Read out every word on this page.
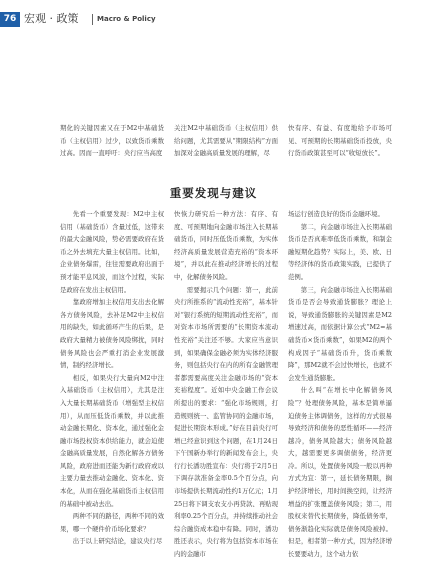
76 宏观 · 政策	Macro & Policy

期化的关键因素又在于M2中基础货币（主权信用）过少，以致货币乘数过高。因而一直呼吁：央行应当高度

关注M2中基础货币（主权信用）供给问题，尤其需要从“期限结构”方面加深对金融高质量发展的理解，尽

快有序、有益、有度地给予市场可见、可预期的长期基础货币投放，央行货币政策甚至可以“收短放长”。

重要发现与建议

先看一个重要发现：M2中主权信用（基础货币）含量过低，这带来的最大金融风险，势必需要政府在货币之外去填充大量主权信用。比如，企业债务爆雷，往往需要政府出面于预才能平息风波，而这个过程，实际是政府在发出主权信用。

靠政府增加主权信用支出去化解各方债务风险，去补足M2中主权信用的缺失，如此循环产生的后果，是政府大量精力被债务风险绑扰，同时债务风险也会严重打消企业发展激情，制约经济增长。

相反，如果央行大量向M2中注入基础货币（主权信用），尤其是注入大量长期基础货币（增强型主权信用），从而压低货币乘数，并以此推动金融长期化、资本化，通过强化金融市场投权资本供给能力，就会迫使金融高质量发展，自然化解各方债务风险，政府进而还能为新行政府或以主要力量去推动金融化、资本化、资本化，从而在强化基础货币主权信用的基础中被动去出。

两种不同的路径，两种不同的效果，哪一个硬件价币场化要求？

出于以上研究结论，建议央行尽

快恢力研究后一种方法：有序、有度、可预期地向金融市场注入长期基础货币，同时压低货币乘数，为实体经济高质量发展营造充裕的“资本环境”，并以此在推动经济增长的过程中，化解债务风险。

需要揭示几个问题：第一，此前央行所推系的“流动性充裕”，基本针对“银行系统的短期流动性充裕”，而对资本市场所需要的“长期资本流动性充裕”关注还不够。大家应当意识到，如果确保金融必须为实体经济服务，则包括央行在内的所有金融管理者都需要高度关注金融市场的“资本充裕程度”。近如中央金融工作会议所提出的要求：“强化市场规则，打造规则统一、监管协同的金融市场，促进长期资本形成。”好在目前央行可增已经意识到这个问题，在1月24日下午国新办举行的新闻发布会上，央行行长潘功胜宣布：央行将于2月5日下调存款准备金率0.5个百分点，向市场提供长期流动性约1万亿元；1月25日将下调支农支小再贷款、再贴现利率0.25个百分点，并持续推动社会综合融资成本稳中有降。同时，潘功胜还表示，央行将为包括资本市场在内的金融市

场运行创造良好的货币金融环境。

第二，向金融市场注入长期基础货币是否真难率低货币乘数，和制金融短期化趋势？实际上，美、欧、日等经济体的货币政策实践，已提供了范例。

第三，向金融市场注入长期基础货币是否会导致通货膨胀？理论上说，导致通货膨胀的关键因素是M2增速过高，而依据计算公式“M2=基础货币×货币乘数”，如果M2的两个构成因子“基础货币升，货币乘数降”，那M2就不会过快增长，也就不会发生通货膨胀。

什么叫“在增长中化解债务风险”？处理债务风险，基本是简单逼迫债务主体调债务，这样的方式很易导致经济和债务的恶性循环——经济越冷，债务风险越大；债务风险越大，越需要更多调债债务，经济更冷。所以，处置债务风险一般以再种方式为宜：第一，延长债务期限，搁护经济增长，用时间换空间，让经济增益的扩张覆盖债务风险；第二，用股权来替代长期债务，降低债务率，债务渐趋化实际就是债务风险被掉。但是，相者第一种方式，因为经济增长要要动力，这个动力依
